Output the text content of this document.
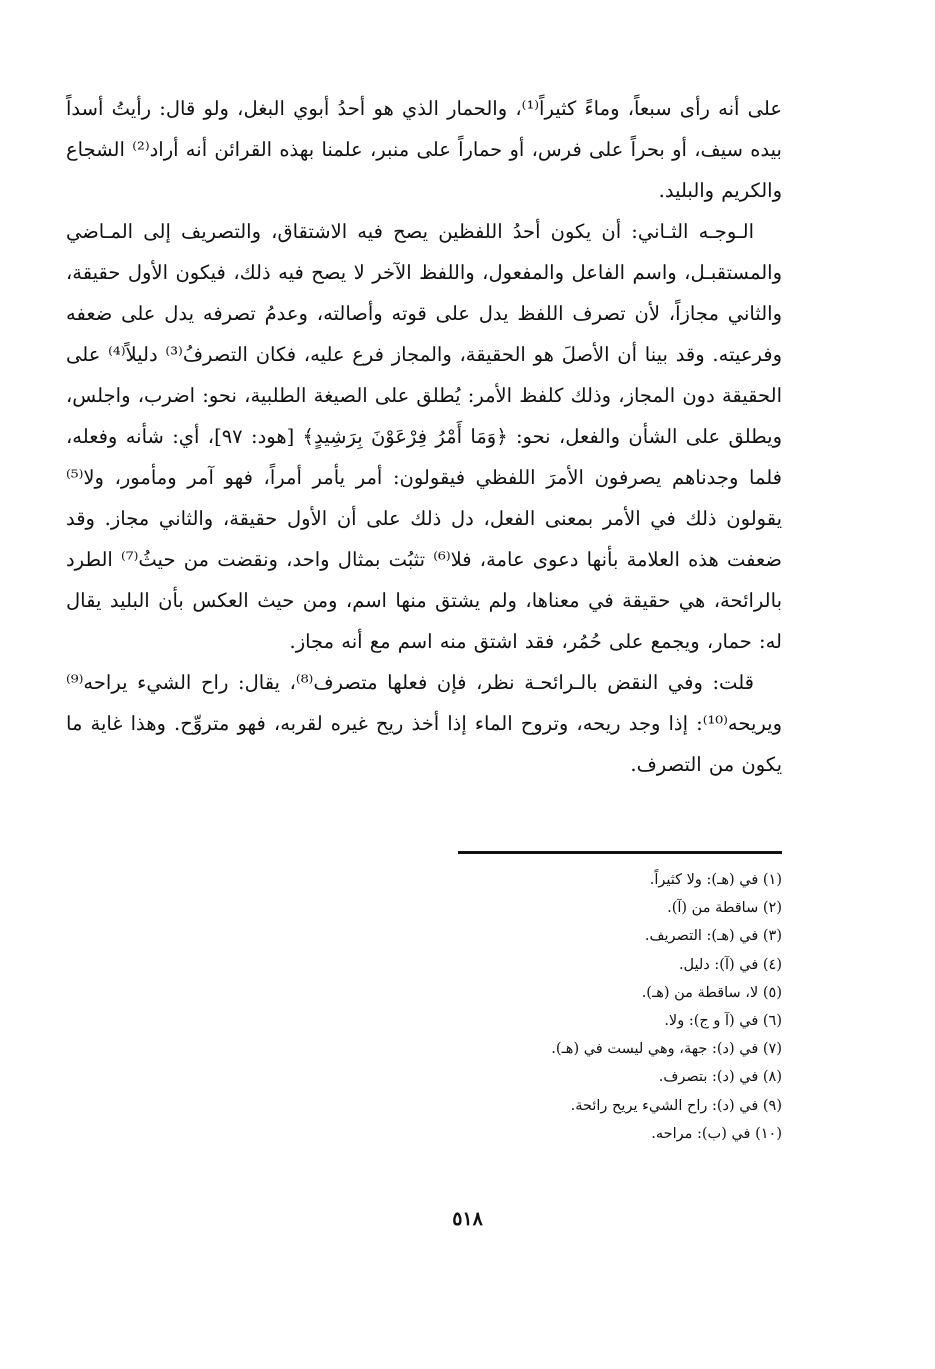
على أنه رأى سبعاً، وماءً كثيراً⁽¹⁾، والحمار الذي هو أحدُ أبوي البغل، ولو قال: رأيتُ أسداً بيده سيف، أو بحراً على فرس، أو حماراً على منبر، علمنا بهذه القرائن أنه أراد⁽²⁾ الشجاع والكريم والبليد.

الـوجـه الثـاني: أن يكون أحدُ اللفظين يصح فيه الاشتقاق، والتصريف إلى المـاضي والمستقبـل، واسم الفاعل والمفعول، واللفظ الآخر لا يصح فيه ذلك، فيكون الأول حقيقة، والثاني مجازاً، لأن تصرف اللفظ يدل على قوته وأصالته، وعدمُ تصرفه يدل على ضعفه وفرعيته. وقد بينا أن الأصلَ هو الحقيقة، والمجاز فرع عليه، فكان التصرفُ⁽³⁾ دليلاً⁽⁴⁾ على الحقيقة دون المجاز، وذلك كلفظ الأمر: يُطلق على الصيغة الطلبية، نحو: اضرب، واجلس، ويطلق على الشأن والفعل، نحو: ﴿وَمَا أَمْرُ فِرْعَوْنَ بِرَشِيدٍ﴾ [هود: ٩٧]، أي: شأنه وفعله، فلما وجدناهم يصرفون الأمرَ اللفظي فيقولون: أمر يأمر أمراً، فهو آمر ومأمور، ولا⁽⁵⁾ يقولون ذلك في الأمر بمعنى الفعل، دل ذلك على أن الأول حقيقة، والثاني مجاز. وقد ضعفت هذه العلامة بأنها دعوى عامة، فلا⁽⁶⁾ تثبُت بمثال واحد، ونقضت من حيثُ⁽⁷⁾ الطرد بالرائحة، هي حقيقة في معناها، ولم يشتق منها اسم، ومن حيث العكس بأن البليد يقال له: حمار، ويجمع على حُمُر، فقد اشتق منه اسم مع أنه مجاز.

قلت: وفي النقض بالـرائحـة نظر، فإن فعلها متصرف⁽⁸⁾، يقال: راح الشيء يراحه⁽⁹⁾ ويريحه⁽¹⁰⁾: إذا وجد ريحه، وتروح الماء إذا أخذ ريح غيره لقربه، فهو متروِّح. وهذا غاية ما يكون من التصرف.

(١) في (هـ): ولا كثيراً.
(٢) ساقطة من (آ).
(٣) في (هـ): التصريف.
(٤) في (آ): دليل.
(٥) لا، ساقطة من (هـ).
(٦) في (آ و ج): ولا.
(٧) في (د): جهة، وهي ليست في (هـ).
(٨) في (د): بتصرف.
(٩) في (د): راح الشيء يريح رائحة.
(١٠) في (ب): مراحه.
٥١٨
